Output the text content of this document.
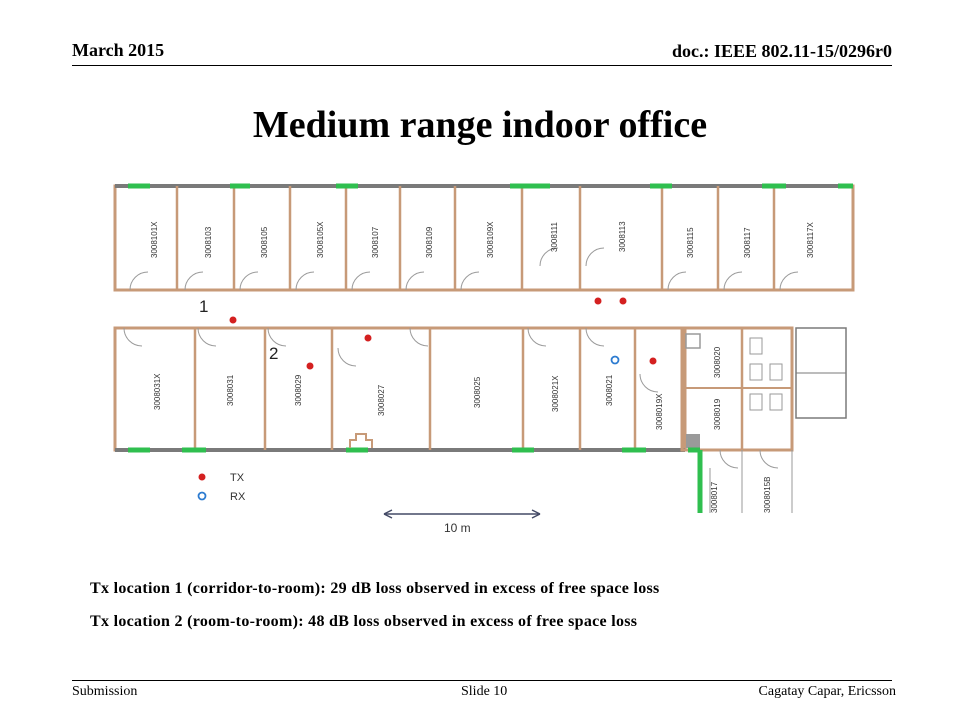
March 2015	doc.: IEEE 802.11-15/0296r0
Medium range indoor office
3008101X	3008103	3008105	3008105X	3008107	3008109	3008109X	3008111	3008113	3008115	3008117	3008117X
3008031X	3008031	3008029	3008027	3008025	3008021X	3008021
3008019X	3008019
3008020
3008017	3008015B
1
2
TX
RX
10 m
Tx location 1 (corridor-to-room): 29 dB loss observed in excess of free space loss
Tx location 2 (room-to-room): 48 dB loss observed in excess of free space loss
Submission	Slide 10	Cagatay Capar, Ericsson
